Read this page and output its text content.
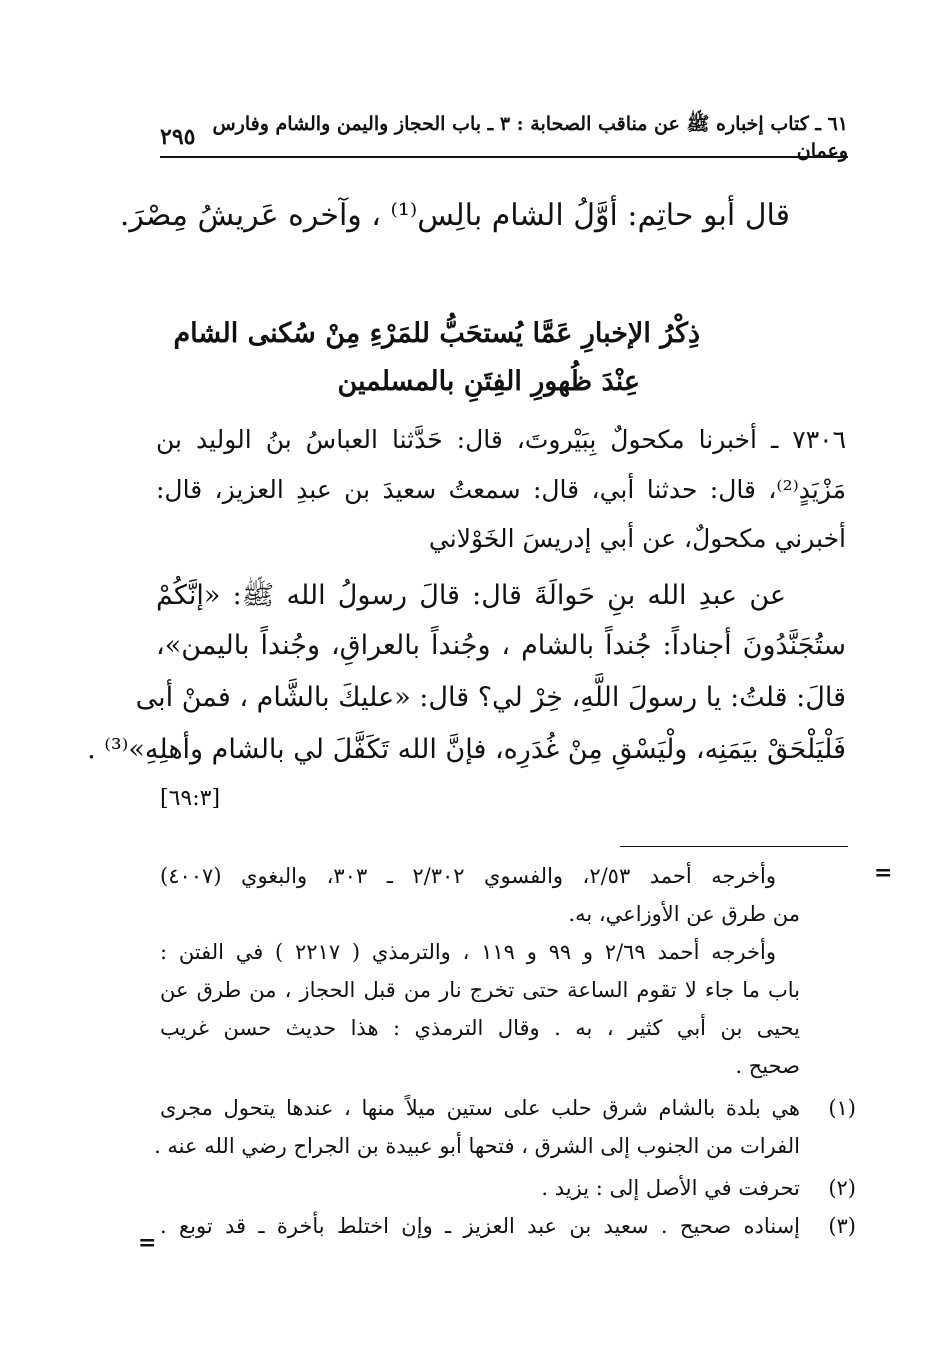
٦١ ـ كتاب إخباره ﷺ عن مناقب الصحابة : ٣ ـ باب الحجاز واليمن والشام وفارس وعمان
٢٩٥
قال أبو حاتِم: أوَّلُ الشام بالِس⁽¹⁾ ، وآخره عَريشُ مِصْرَ.
ذِكْرُ الإخبارِ عَمَّا يُستحَبُّ للمَرْءِ مِنْ سُكنى الشام
عِنْدَ ظُهورِ الفِتَنِ بالمسلمين
٧٣٠٦ ـ أخبرنا مكحولٌ بِبَيْروتَ، قال: حَدَّثنا العباسُ بنُ الوليد بن
مَزْيَدٍ⁽²⁾، قال: حدثنا أبي، قال: سمعتُ سعيدَ بن عبدِ العزيز، قال:
أخبرني مكحولٌ، عن أبي إدريسَ الخَوْلاني
عن عبدِ الله بنِ حَوالَةَ قال: قالَ رسولُ الله ﷺ: «إنَّكُمْ
ستُجَنَّدُونَ أجناداً: جُنداً بالشام ، وجُنداً بالعراقِ، وجُنداً باليمن»،
قالَ: قلتُ: يا رسولَ اللَّهِ، خِرْ لي؟ قال: «عليكَ بالشَّام ، فمنْ أبى
فَلْيَلْحَقْ بيَمَنِه، ولْيَسْقِ مِنْ غُدَرِه، فإنَّ الله تَكَفَّلَ لي بالشام وأهلِهِ»⁽³⁾ .
[٦٩:٣]
=
وأخرجه أحمد ٢/٥٣، والفسوي ٢/٣٠٢ ـ ٣٠٣، والبغوي (٤٠٠٧)
من طرق عن الأوزاعي، به.
وأخرجه أحمد ٢/٦٩ و ٩٩ و ١١٩ ، والترمذي ( ٢٢١٧ ) في الفتن :
باب ما جاء لا تقوم الساعة حتى تخرج نار من قبل الحجاز ، من طرق عن
يحيى بن أبي كثير ، به . وقال الترمذي : هذا حديث حسن غريب
صحيح .
(١)
هي بلدة بالشام شرق حلب على ستين ميلاً منها ، عندها يتحول مجرى
الفرات من الجنوب إلى الشرق ، فتحها أبو عبيدة بن الجراح رضي الله عنه .
(٢)
تحرفت في الأصل إلى : يزيد .
(٣)
إسناده صحيح . سعيد بن عبد العزيز ـ وإن اختلط بأخرة ـ قد توبع .
=
